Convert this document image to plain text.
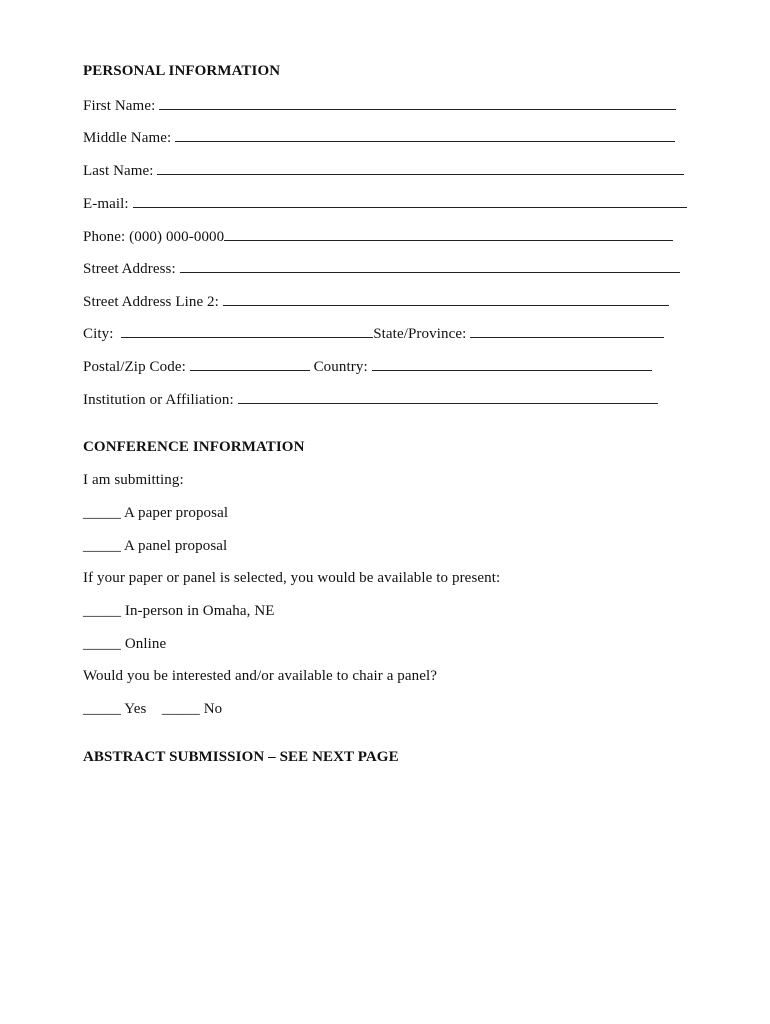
PERSONAL INFORMATION
First Name:
Middle Name:
Last Name:
E-mail:
Phone: (000) 000-0000
Street Address:
Street Address Line 2:
City:	State/Province:
Postal/Zip Code:	Country:
Institution or Affiliation:
CONFERENCE INFORMATION
I am submitting:
_____ A paper proposal
_____ A panel proposal
If your paper or panel is selected, you would be available to present:
_____ In-person in Omaha, NE
_____ Online
Would you be interested and/or available to chair a panel?
_____ Yes _____ No
ABSTRACT SUBMISSION – SEE NEXT PAGE
